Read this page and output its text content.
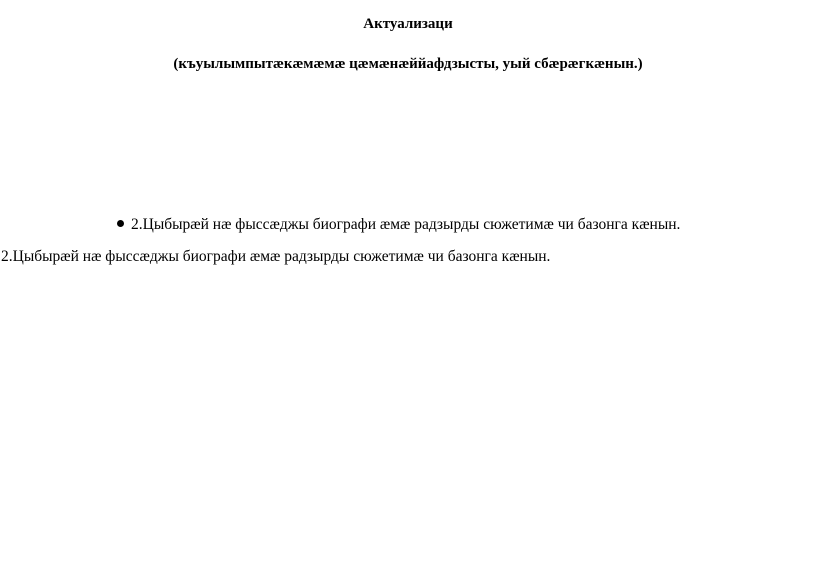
Актуализаци
(къуылымпытæкæмæмæ цæмæнæййафдзысты, уый сбæрæгкæнын.)
2.Цыбырæй нæ фыссæджы биографи æмæ радзырды сюжетимæ чи базонга кæнын.
2.Цыбырæй нæ фыссæджы биографи æмæ радзырды сюжетимæ чи базонга кæнын.
